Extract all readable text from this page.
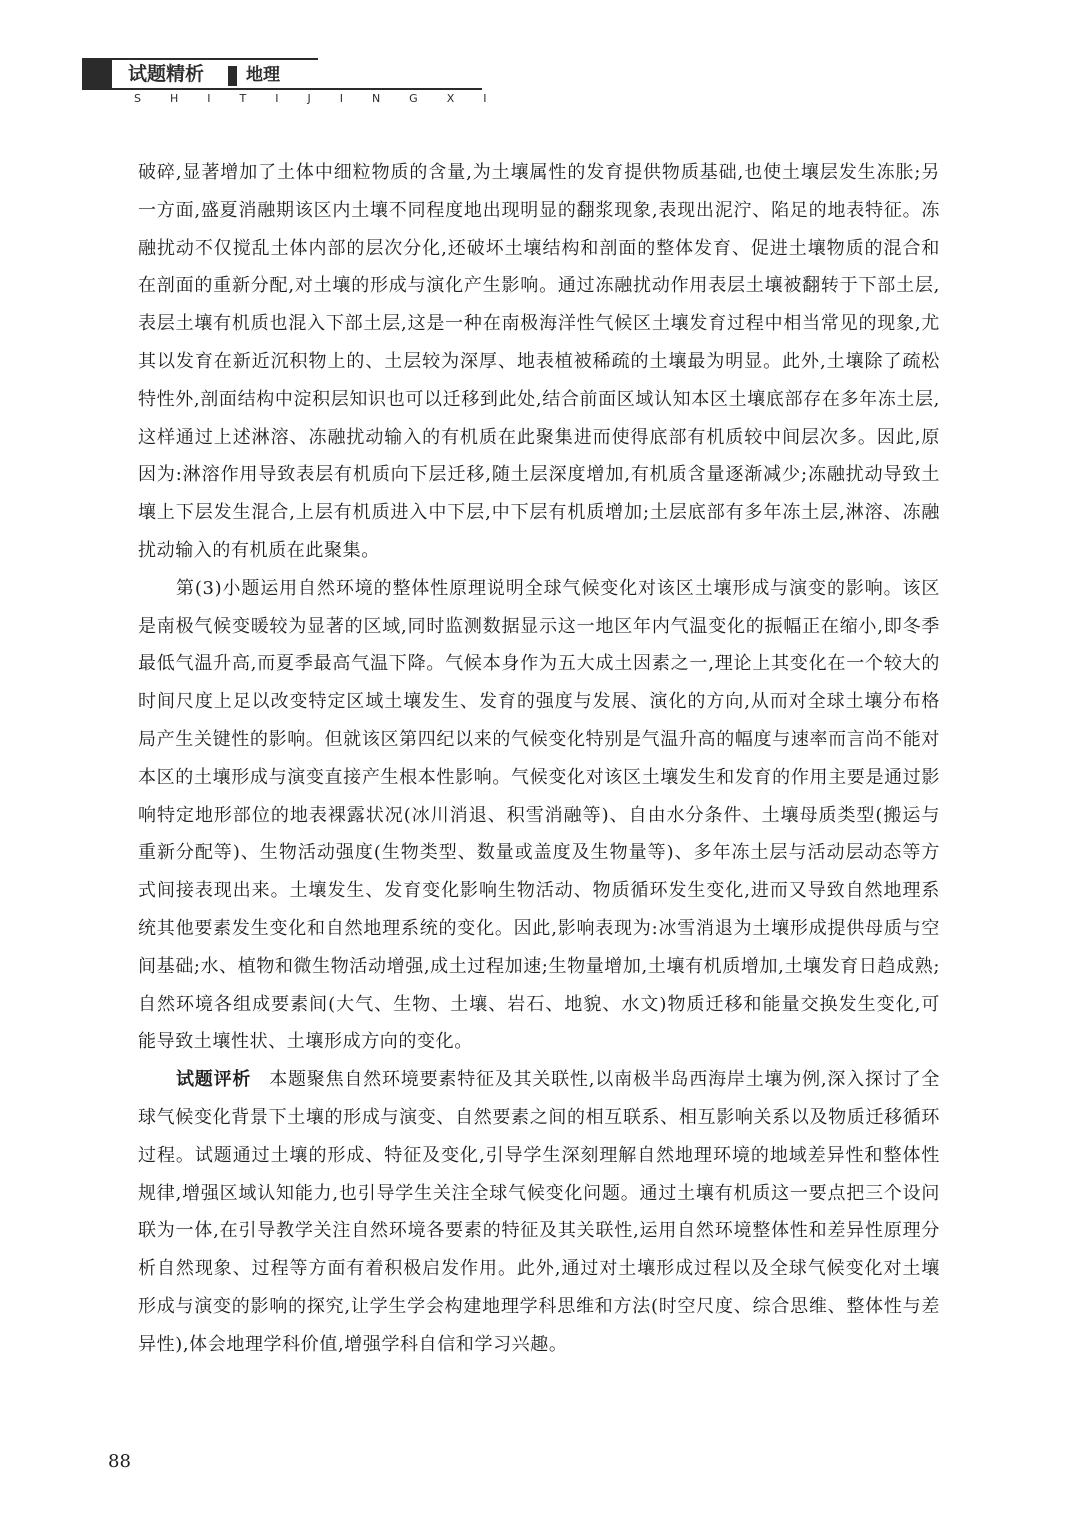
试题精析 地理
SHITIJINGXI

破碎,显著增加了土体中细粒物质的含量,为土壤属性的发育提供物质基础,也使土壤层发生冻胀;另一方面,盛夏消融期该区内土壤不同程度地出现明显的翻浆现象,表现出泥泞、陷足的地表特征。冻融扰动不仅搅乱土体内部的层次分化,还破坏土壤结构和剖面的整体发育、促进土壤物质的混合和在剖面的重新分配,对土壤的形成与演化产生影响。通过冻融扰动作用表层土壤被翻转于下部土层,表层土壤有机质也混入下部土层,这是一种在南极海洋性气候区土壤发育过程中相当常见的现象,尤其以发育在新近沉积物上的、土层较为深厚、地表植被稀疏的土壤最为明显。此外,土壤除了疏松特性外,剖面结构中淀积层知识也可以迁移到此处,结合前面区域认知本区土壤底部存在多年冻土层,这样通过上述淋溶、冻融扰动输入的有机质在此聚集进而使得底部有机质较中间层次多。因此,原因为:淋溶作用导致表层有机质向下层迁移,随土层深度增加,有机质含量逐渐减少;冻融扰动导致土壤上下层发生混合,上层有机质进入中下层,中下层有机质增加;土层底部有多年冻土层,淋溶、冻融扰动输入的有机质在此聚集。

第(3)小题运用自然环境的整体性原理说明全球气候变化对该区土壤形成与演变的影响。该区是南极气候变暖较为显著的区域,同时监测数据显示这一地区年内气温变化的振幅正在缩小,即冬季最低气温升高,而夏季最高气温下降。气候本身作为五大成土因素之一,理论上其变化在一个较大的时间尺度上足以改变特定区域土壤发生、发育的强度与发展、演化的方向,从而对全球土壤分布格局产生关键性的影响。但就该区第四纪以来的气候变化特别是气温升高的幅度与速率而言尚不能对本区的土壤形成与演变直接产生根本性影响。气候变化对该区土壤发生和发育的作用主要是通过影响特定地形部位的地表裸露状况(冰川消退、积雪消融等)、自由水分条件、土壤母质类型(搬运与重新分配等)、生物活动强度(生物类型、数量或盖度及生物量等)、多年冻土层与活动层动态等方式间接表现出来。土壤发生、发育变化影响生物活动、物质循环发生变化,进而又导致自然地理系统其他要素发生变化和自然地理系统的变化。因此,影响表现为:冰雪消退为土壤形成提供母质与空间基础;水、植物和微生物活动增强,成土过程加速;生物量增加,土壤有机质增加,土壤发育日趋成熟;自然环境各组成要素间(大气、生物、土壤、岩石、地貌、水文)物质迁移和能量交换发生变化,可能导致土壤性状、土壤形成方向的变化。

试题评析 本题聚焦自然环境要素特征及其关联性,以南极半岛西海岸土壤为例,深入探讨了全球气候变化背景下土壤的形成与演变、自然要素之间的相互联系、相互影响关系以及物质迁移循环过程。试题通过土壤的形成、特征及变化,引导学生深刻理解自然地理环境的地域差异性和整体性规律,增强区域认知能力,也引导学生关注全球气候变化问题。通过土壤有机质这一要点把三个设问联为一体,在引导教学关注自然环境各要素的特征及其关联性,运用自然环境整体性和差异性原理分析自然现象、过程等方面有着积极启发作用。此外,通过对土壤形成过程以及全球气候变化对土壤形成与演变的影响的探究,让学生学会构建地理学科思维和方法(时空尺度、综合思维、整体性与差异性),体会地理学科价值,增强学科自信和学习兴趣。

88
